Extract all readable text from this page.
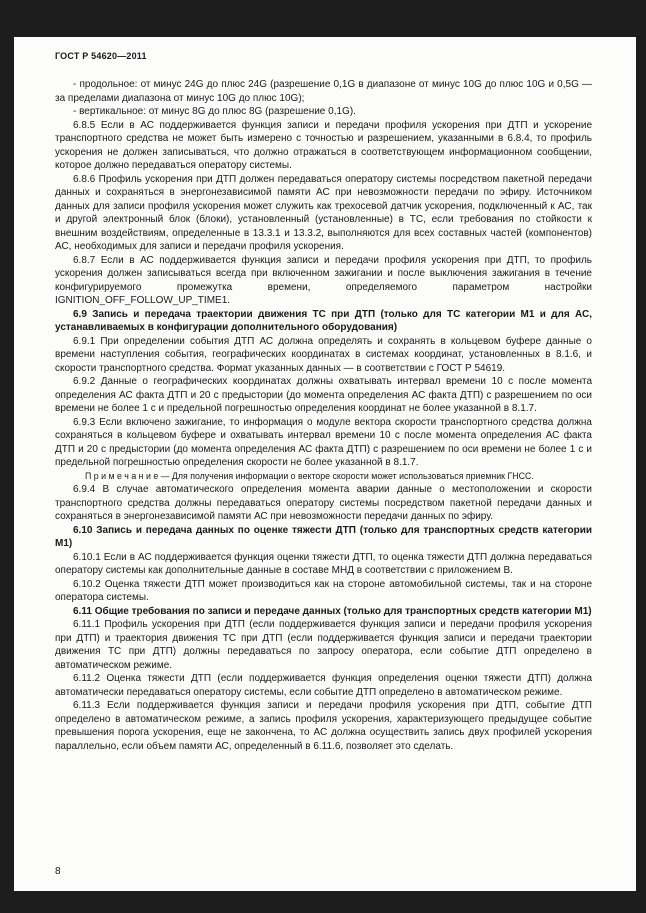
ГОСТ Р 54620—2011

- продольное: от минус 24G до плюс 24G (разрешение 0,1G в диапазоне от минус 10G до плюс 10G и 0,5G — за пределами диапазона от минус 10G до плюс 10G);

- вертикальное: от минус 8G до плюс 8G (разрешение 0,1G).

6.8.5 Если в АС поддерживается функция записи и передачи профиля ускорения при ДТП и ускорение транспортного средства не может быть измерено с точностью и разрешением, указанными в 6.8.4, то профиль ускорения не должен записываться, что должно отражаться в соответствующем информационном сообщении, которое должно передаваться оператору системы.

6.8.6 Профиль ускорения при ДТП должен передаваться оператору системы посредством пакетной передачи данных и сохраняться в энергонезависимой памяти АС при невозможности передачи по эфиру. Источником данных для записи профиля ускорения может служить как трехосевой датчик ускорения, подключенный к АС, так и другой электронный блок (блоки), установленный (установленные) в ТС, если требования по стойкости к внешним воздействиям, определенные в 13.3.1 и 13.3.2, выполняются для всех составных частей (компонентов) АС, необходимых для записи и передачи профиля ускорения.

6.8.7 Если в АС поддерживается функция записи и передачи профиля ускорения при ДТП, то профиль ускорения должен записываться всегда при включенном зажигании и после выключения зажигания в течение конфигурируемого промежутка времени, определяемого параметром настройки IGNITION_OFF_FOLLOW_UP_TIME1.

6.9 Запись и передача траектории движения ТС при ДТП (только для ТС категории М1 и для АС, устанавливаемых в конфигурации дополнительного оборудования)

6.9.1 При определении события ДТП АС должна определять и сохранять в кольцевом буфере данные о времени наступления события, географических координатах в системах координат, установленных в 8.1.6, и скорости транспортного средства. Формат указанных данных — в соответствии с ГОСТ Р 54619.

6.9.2 Данные о географических координатах должны охватывать интервал времени 10 с после момента определения АС факта ДТП и 20 с предыстории (до момента определения АС факта ДТП) с разрешением по оси времени не более 1 с и предельной погрешностью определения координат не более указанной в 8.1.7.

6.9.3 Если включено зажигание, то информация о модуле вектора скорости транспортного средства должна сохраняться в кольцевом буфере и охватывать интервал времени 10 с после момента определения АС факта ДТП и 20 с предыстории (до момента определения АС факта ДТП) с разрешением по оси времени не более 1 с и предельной погрешностью определения скорости не более указанной в 8.1.7.

П р и м е ч а н и е — Для получения информации о векторе скорости может использоваться приемник ГНСС.

6.9.4 В случае автоматического определения момента аварии данные о местоположении и скорости транспортного средства должны передаваться оператору системы посредством пакетной передачи данных и сохраняться в энергонезависимой памяти АС при невозможности передачи данных по эфиру.

6.10 Запись и передача данных по оценке тяжести ДТП (только для транспортных средств категории М1)

6.10.1 Если в АС поддерживается функция оценки тяжести ДТП, то оценка тяжести ДТП должна передаваться оператору системы как дополнительные данные в составе МНД в соответствии с приложением В.

6.10.2 Оценка тяжести ДТП может производиться как на стороне автомобильной системы, так и на стороне оператора системы.

6.11 Общие требования по записи и передаче данных (только для транспортных средств категории М1)

6.11.1 Профиль ускорения при ДТП (если поддерживается функция записи и передачи профиля ускорения при ДТП) и траектория движения ТС при ДТП (если поддерживается функция записи и передачи траектории движения ТС при ДТП) должны передаваться по запросу оператора, если событие ДТП определено в автоматическом режиме.

6.11.2 Оценка тяжести ДТП (если поддерживается функция определения оценки тяжести ДТП) должна автоматически передаваться оператору системы, если событие ДТП определено в автоматическом режиме.

6.11.3 Если поддерживается функция записи и передачи профиля ускорения при ДТП, событие ДТП определено в автоматическом режиме, а запись профиля ускорения, характеризующего предыдущее событие превышения порога ускорения, еще не закончена, то АС должна осуществить запись двух профилей ускорения параллельно, если объем памяти АС, определенный в 6.11.6, позволяет это сделать.

8
